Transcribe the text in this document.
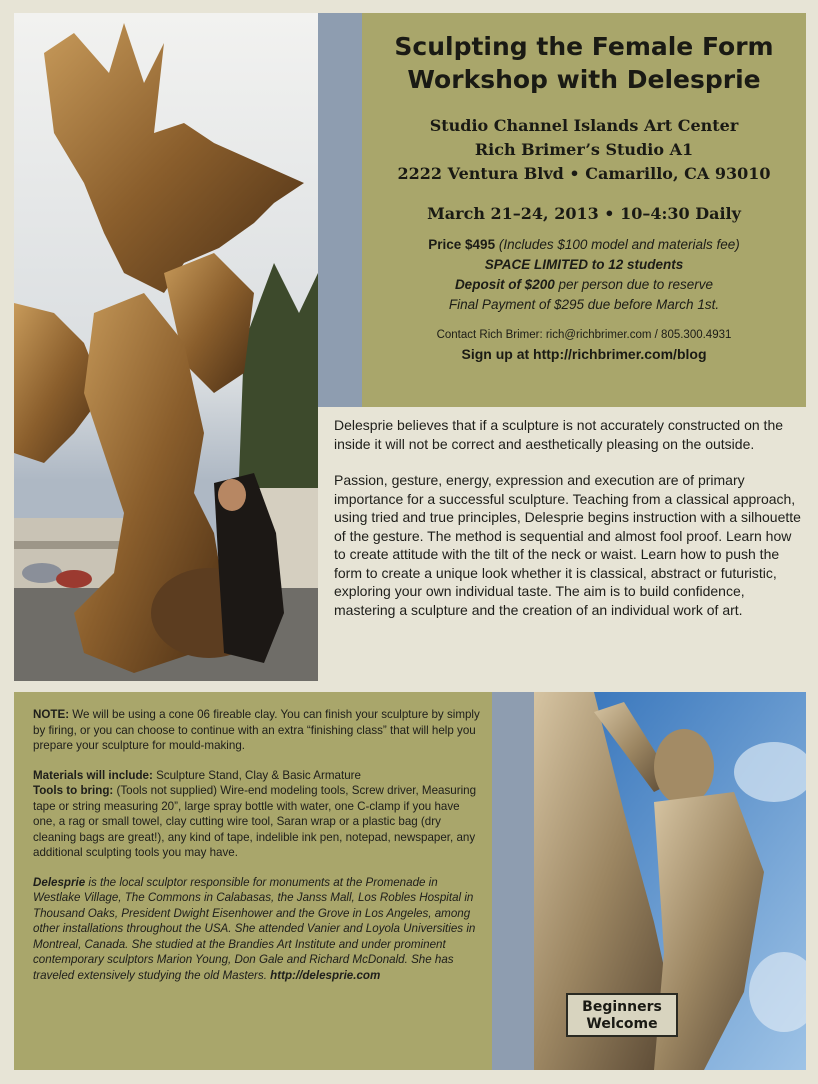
Sculpting the Female Form
Workshop with Delesprie
Studio Channel Islands Art Center
Rich Brimer’s Studio A1
2222 Ventura Blvd • Camarillo, CA 93010
March 21–24, 2013 • 10–4:30 Daily
Price $495 (Includes $100 model and materials fee)
SPACE LIMITED to 12 students
Deposit of $200 per person due to reserve
Final Payment of $295 due before March 1st.
Contact Rich Brimer: rich@richbrimer.com / 805.300.4931
Sign up at http://richbrimer.com/blog

Delesprie believes that if a sculpture is not accurately constructed on the inside it will not be correct and aesthetically pleasing on the outside.

Passion, gesture, energy, expression and execution are of primary importance for a successful sculpture. Teaching from a classical approach, using tried and true principles, Delesprie begins instruction with a silhouette of the gesture. The method is sequential and almost fool proof. Learn how to create attitude with the tilt of the neck or waist. Learn how to push the form to create a unique look whether it is classical, abstract or futuristic, exploring your own individual taste. The aim is to build confidence, mastering a sculpture and the creation of an individual work of art.

NOTE: We will be using a cone 06 fireable clay. You can finish your sculpture by simply by firing, or you can choose to continue with an extra “finishing class” that will help you prepare your sculpture for mould-making.

Materials will include: Sculpture Stand, Clay & Basic Armature
Tools to bring: (Tools not supplied) Wire-end modeling tools, Screw driver, Measuring tape or string measuring 20”, large spray bottle with water, one C-clamp if you have one, a rag or small towel, clay cutting wire tool, Saran wrap or a plastic bag (dry cleaning bags are great!), any kind of tape, indelible ink pen, notepad, newspaper, any additional sculpting tools you may have.

Delesprie is the local sculptor responsible for monuments at the Promenade in Westlake Village, The Commons in Calabasas, the Janss Mall, Los Robles Hospital in Thousand Oaks, President Dwight Eisenhower and the Grove in Los Angeles, among other installations throughout the USA. She attended Vanier and Loyola Universities in Montreal, Canada. She studied at the Brandies Art Institute and under prominent contemporary sculptors Marion Young, Don Gale and Richard McDonald. She has traveled extensively studying the old Masters. http://delesprie.com

Beginners
Welcome
